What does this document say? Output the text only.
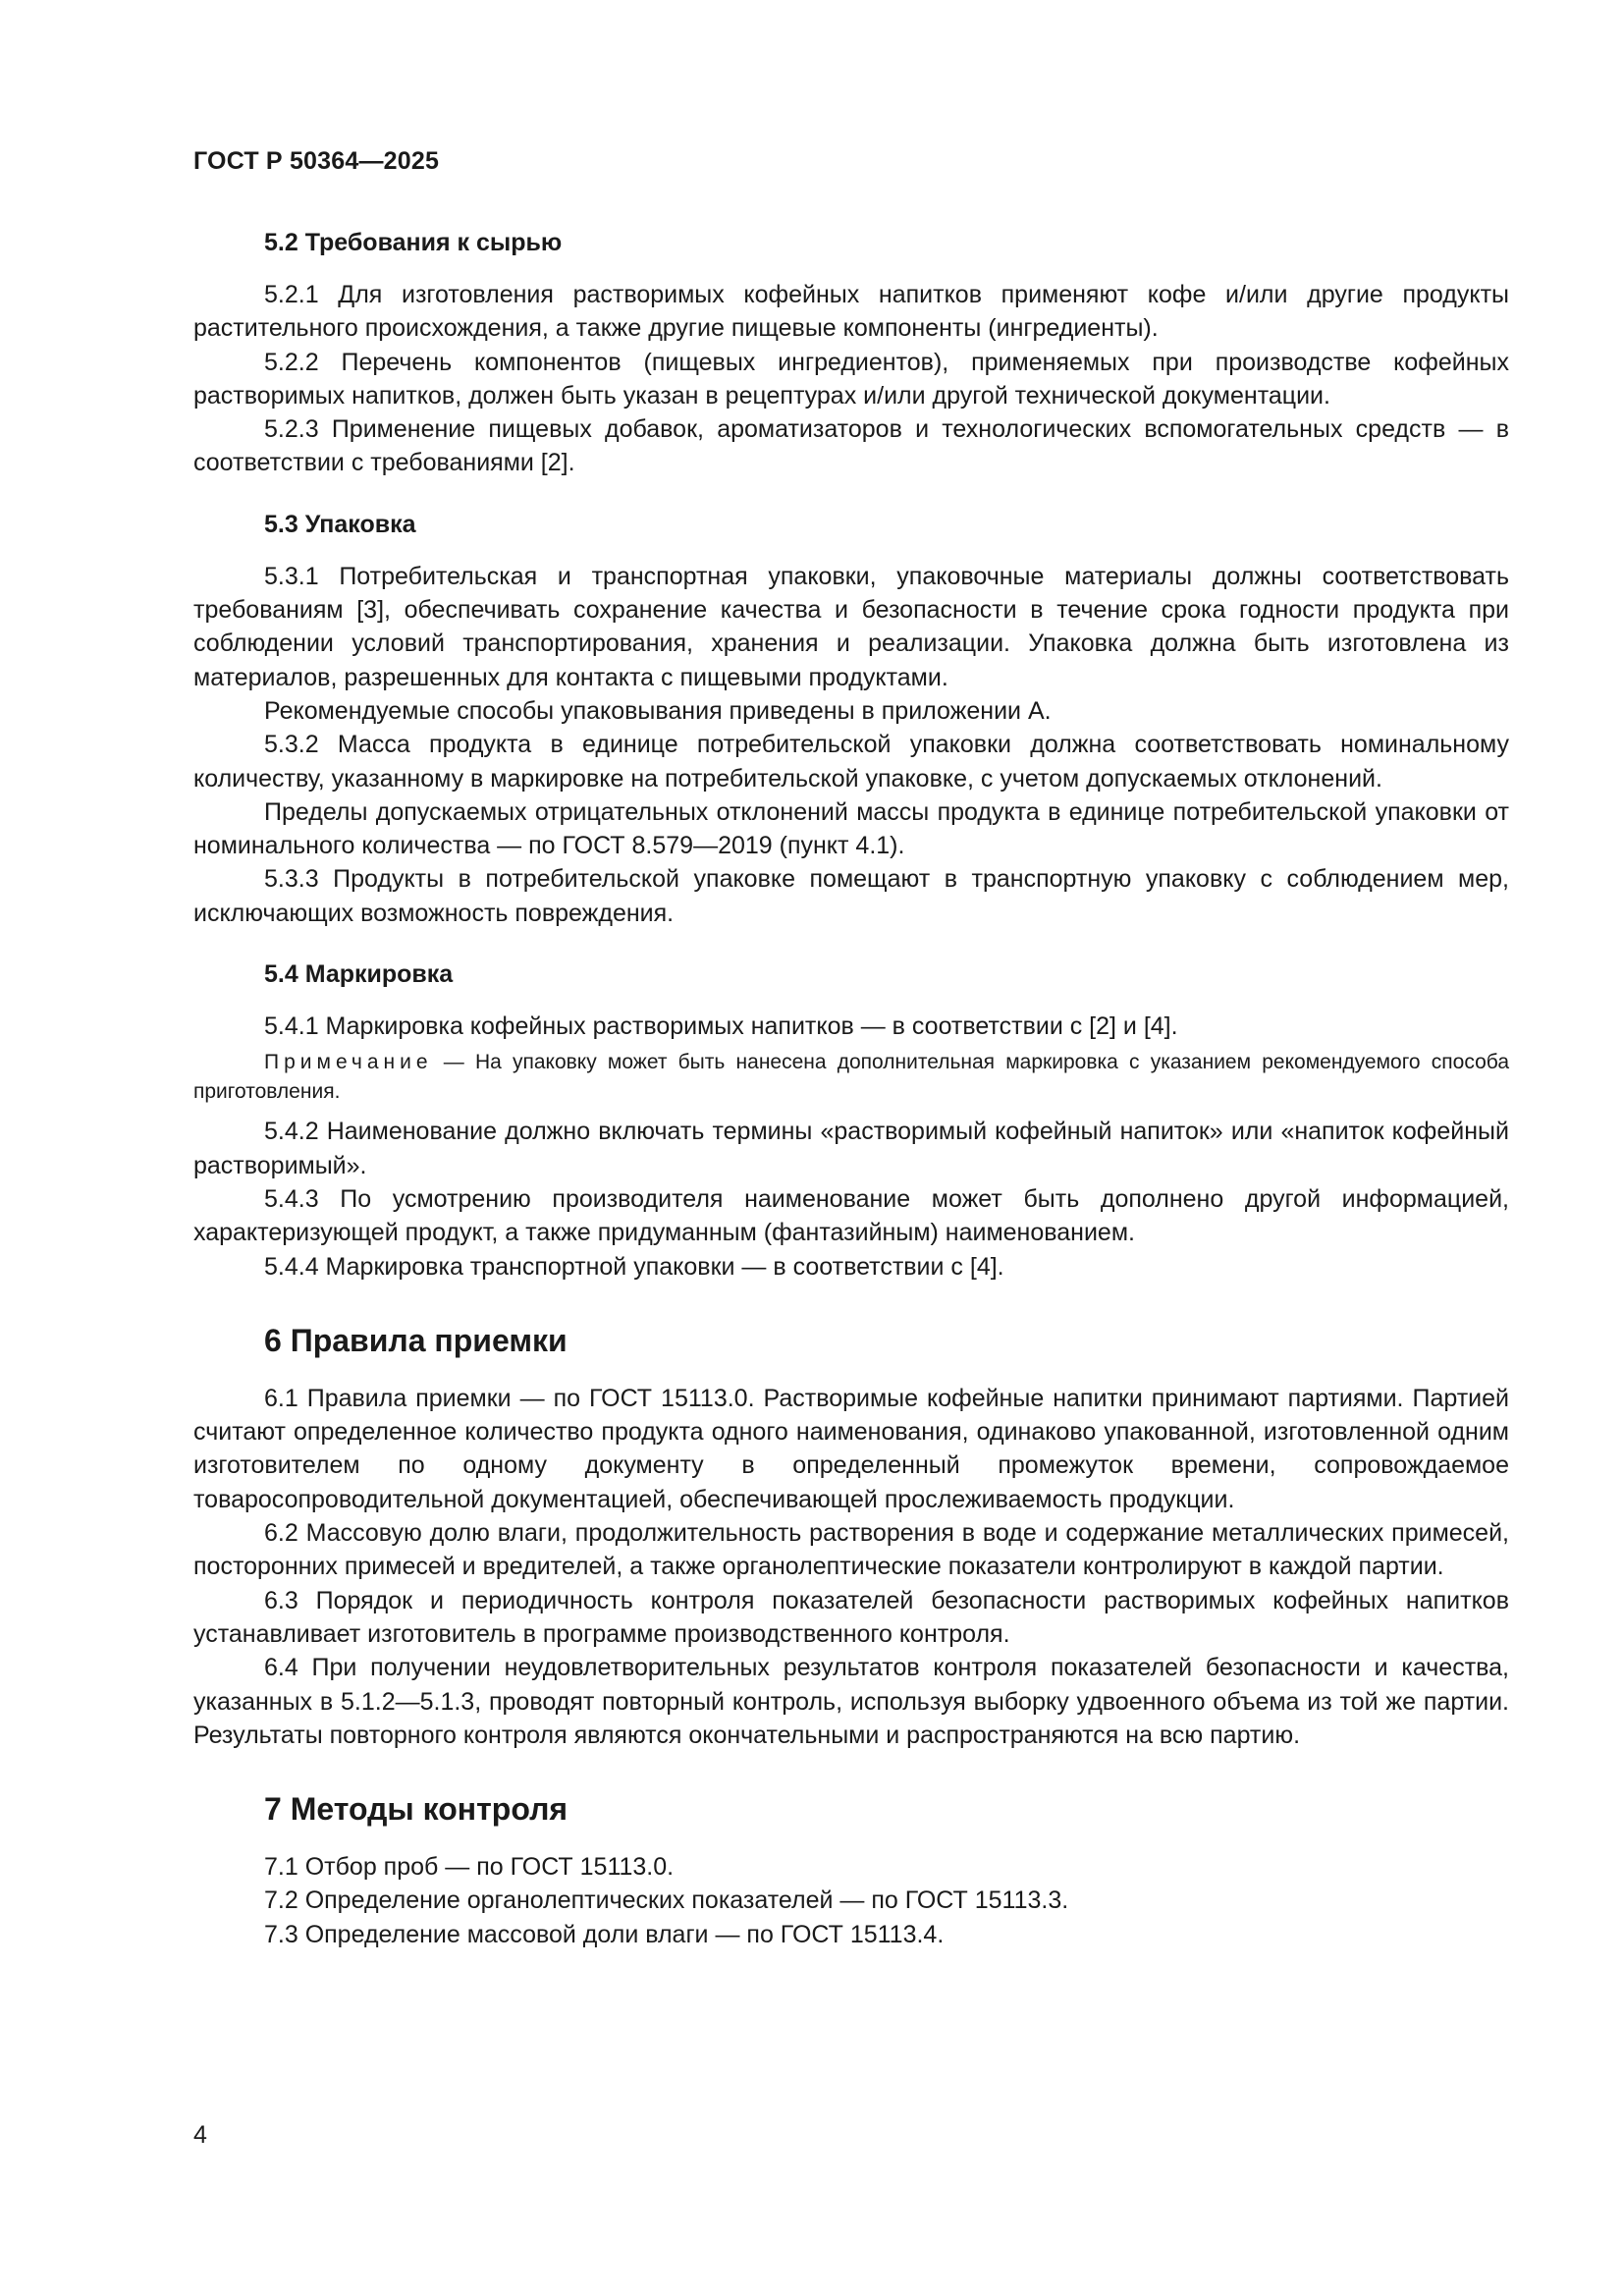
ГОСТ Р 50364—2025
5.2 Требования к сырью

5.2.1 Для изготовления растворимых кофейных напитков применяют кофе и/или другие продукты растительного происхождения, а также другие пищевые компоненты (ингредиенты).

5.2.2 Перечень компонентов (пищевых ингредиентов), применяемых при производстве кофейных растворимых напитков, должен быть указан в рецептурах и/или другой технической документации.

5.2.3 Применение пищевых добавок, ароматизаторов и технологических вспомогательных средств — в соответствии с требованиями [2].

5.3 Упаковка

5.3.1 Потребительская и транспортная упаковки, упаковочные материалы должны соответствовать требованиям [3], обеспечивать сохранение качества и безопасности в течение срока годности продукта при соблюдении условий транспортирования, хранения и реализации. Упаковка должна быть изготовлена из материалов, разрешенных для контакта с пищевыми продуктами.

Рекомендуемые способы упаковывания приведены в приложении А.

5.3.2 Масса продукта в единице потребительской упаковки должна соответствовать номинальному количеству, указанному в маркировке на потребительской упаковке, с учетом допускаемых отклонений.

Пределы допускаемых отрицательных отклонений массы продукта в единице потребительской упаковки от номинального количества — по ГОСТ 8.579—2019 (пункт 4.1).

5.3.3 Продукты в потребительской упаковке помещают в транспортную упаковку с соблюдением мер, исключающих возможность повреждения.

5.4 Маркировка

5.4.1 Маркировка кофейных растворимых напитков — в соответствии с [2] и [4].

Примечание — На упаковку может быть нанесена дополнительная маркировка с указанием рекомендуемого способа приготовления.

5.4.2 Наименование должно включать термины «растворимый кофейный напиток» или «напиток кофейный растворимый».

5.4.3 По усмотрению производителя наименование может быть дополнено другой информацией, характеризующей продукт, а также придуманным (фантазийным) наименованием.

5.4.4 Маркировка транспортной упаковки — в соответствии с [4].

6 Правила приемки

6.1 Правила приемки — по ГОСТ 15113.0. Растворимые кофейные напитки принимают партиями. Партией считают определенное количество продукта одного наименования, одинаково упакованной, изготовленной одним изготовителем по одному документу в определенный промежуток времени, сопровождаемое товаросопроводительной документацией, обеспечивающей прослеживаемость продукции.

6.2 Массовую долю влаги, продолжительность растворения в воде и содержание металлических примесей, посторонних примесей и вредителей, а также органолептические показатели контролируют в каждой партии.

6.3 Порядок и периодичность контроля показателей безопасности растворимых кофейных напитков устанавливает изготовитель в программе производственного контроля.

6.4 При получении неудовлетворительных результатов контроля показателей безопасности и качества, указанных в 5.1.2—5.1.3, проводят повторный контроль, используя выборку удвоенного объема из той же партии. Результаты повторного контроля являются окончательными и распространяются на всю партию.

7 Методы контроля

7.1 Отбор проб — по ГОСТ 15113.0.

7.2 Определение органолептических показателей — по ГОСТ 15113.3.

7.3 Определение массовой доли влаги — по ГОСТ 15113.4.

4
